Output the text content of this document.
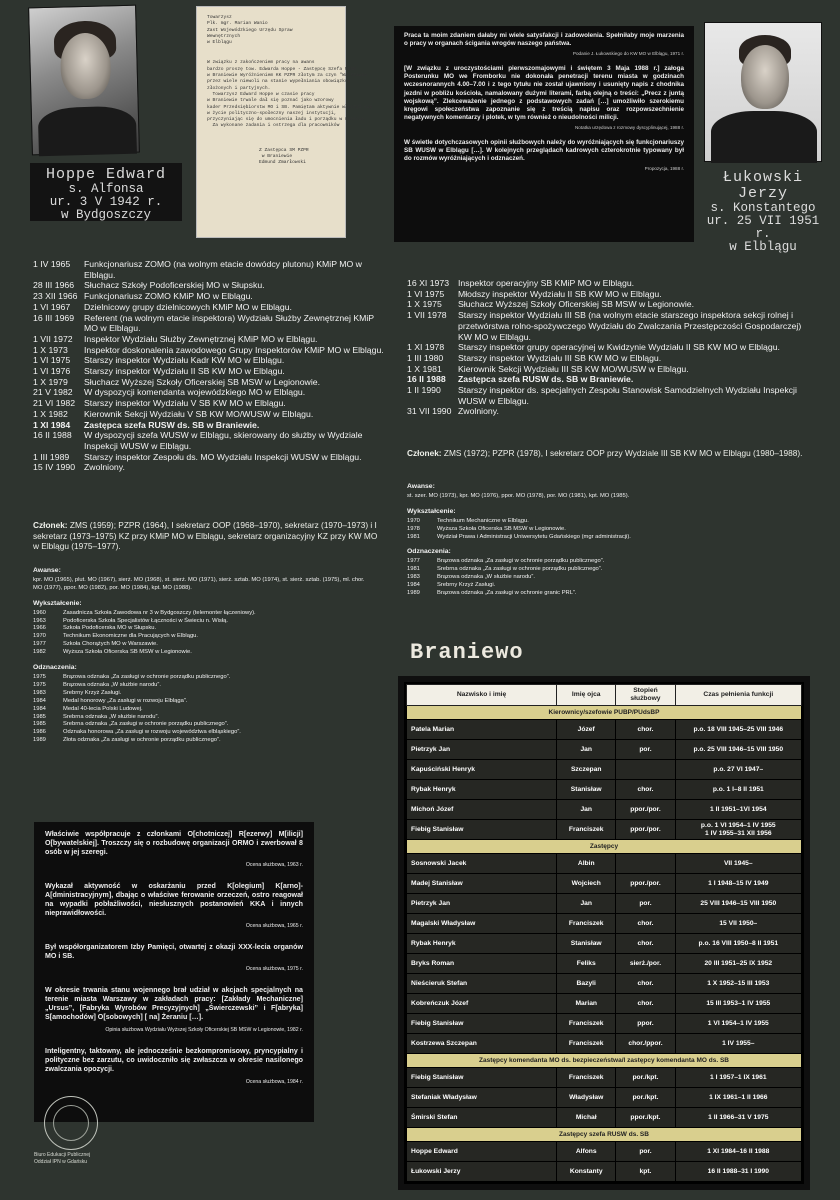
Towarzysz
Plk. mgr. Marian Wanio
Zast Wojewódzkiego Urzędu Spraw
Wewnętrznych
w Elblągu

W związku z zakończeniem pracy na awans
bardzo proszę tow. Edwarda Hoppe - Zastępcę Szefa RUSW
w Braniewie Wyróżnieniem KK PZPR złotym za czyn "Warszawie
przez wiele niewoli na stanie wypełniania obowiązków
złożonych i partyjnych.
Towarzysz Edward Hoppe w czasie pracy
w Braniewie trwale dał się poznać jako wzorowy
kader Przedsiębiorstw MO i SB. Pamiętam aktywnie włączył się
w życie polityczno-społeczny naszej instytucji,
przyczyniając się do umocnienia ładu i porządku w mieście.
Za wykonane zadania i ostrzega dla pracowników

Z Zastępca SM PZPR
w Braniewie
Edmund Zmarłowski

Hoppe Edward
s. Alfonsa
ur. 3 V 1942 r.
w Bydgoszczy

Praca ta moim zdaniem dałaby mi wiele satysfakcji i zadowolenia. Spełniłaby moje marzenia o pracy w organach ścigania wrogów naszego państwa.

Podanie J. Łukowskiego do KW MO w Elblągu, 1971 r.

[W związku z uroczystościami pierwszomajowymi i świętem 3 Maja 1988 r.] załoga Posterunku MO we Fromborku nie dokonała penetracji terenu miasta w godzinach wczesnorannych 4.00–7.00 i z tego tytułu nie został ujawniony i usunięty napis z chodnika jezdni w pobliżu kościoła, namalowany dużymi literami, farbą olejną o treści: „Precz z juntą wojskową”. Zlekceważenie jednego z podstawowych zadań […] umożliwiło szerokiemu kręgowi społeczeństwa zapoznanie się z treścią napisu oraz rozpowszechnienie negatywnych komentarzy i plotek, w tym również o nieudolności milicji.

Notatka urzędowa z rozmowy dyscyplinującej, 1988 r.

W świetle dotychczasowych opinii służbowych należy do wyróżniających się funkcjonariuszy SB WUSW w Elblągu […]. W kolejnych przeglądach kadrowych czterokrotnie typowany był do rozmów wyróżniających i odznaczeń.

Propozycja, 1988 r.
Łukowski Jerzy
s. Konstantego
ur. 25 VII 1951 r.
w Elblągu
1 IV 1965	Funkcjonariusz ZOMO (na wolnym etacie dowódcy plutonu) KMiP MO w Elblągu.
28 III 1966	Słuchacz Szkoły Podoficerskiej MO w Słupsku.
23 XII 1966 Funkcjonariusz ZOMO KMiP MO w Elblągu.
1 VI 1967	Dzielnicowy grupy dzielnicowych KMiP MO w Elblągu.
16 III 1969	Referent (na wolnym etacie inspektora) Wydziału Służby Zewnętrznej KMiP MO w Elblągu.
1 VII 1972	Inspektor Wydziału Służby Zewnętrznej KMiP MO w Elblągu.
1 X 1973	Inspektor doskonalenia zawodowego Grupy Inspektorów KMiP MO w Elblągu.
1 VI 1975	Starszy inspektor Wydziału Kadr KW MO w Elblągu.
1 VI 1976	Starszy inspektor Wydziału II SB KW MO w Elblągu.
1 X 1979	Słuchacz Wyższej Szkoły Oficerskiej SB MSW w Legionowie.
21 V 1982	W dyspozycji komendanta wojewódzkiego MO w Elblągu.
21 VI 1982	Starszy inspektor Wydziału V SB KW MO w Elblągu.
1 X 1982	Kierownik Sekcji Wydziału V SB KW MO/WUSW w Elblągu.
1 XI 1984	Zastępca szefa RUSW ds. SB w Braniewie.
16 II 1988	W dyspozycji szefa WUSW w Elblągu, skierowany do służby w Wydziale Inspekcji WUSW w Elblągu.
1 III 1989	Starszy inspektor Zespołu ds. MO Wydziału Inspekcji WUSW w Elblągu.
15 IV 1990	Zwolniony.
Członek: ZMS (1959); PZPR (1964), I sekretarz OOP (1968–1970), sekretarz (1970–1973) i I sekretarz (1973–1975) KZ przy KMiP MO w Elblągu, sekretarz organizacyjny KZ przy KW MO w Elblągu (1975–1977).
Awanse:
kpr. MO (1965), plut. MO (1967), sierż. MO (1968), st. sierż. MO (1971), sierż. sztab. MO (1974), st. sierż. sztab. (1975), ml. chor. MO (1977), ppor. MO (1982), por. MO (1984), kpt. MO (1988).
Wykształcenie:
1960	Zasadnicza Szkoła Zawodowa nr 3 w Bydgoszczy (telemonter łączeniowy).
1963	Podoficerska Szkoła Specjalistów Łączności w Świeciu n. Wisłą.
1966	Szkoła Podoficerska MO w Słupsku.
1970	Technikum Ekonomiczne dla Pracujących w Elblągu.
1977	Szkoła Chorążych MO w Warszawie.
1982	Wyższa Szkoła Oficerska SB MSW w Legionowie.
Odznaczenia:
1975	Brązowa odznaka „Za zasługi w ochronie porządku publicznego”.
1975	Brązowa odznaka „W służbie narodu”.
1983	Srebrny Krzyż Zasługi.
1984	Medal honorowy „Za zasługi w rozwoju Elbląga”.
1984	Medal 40-lecia Polski Ludowej.
1985	Srebrna odznaka „W służbie narodu”.
1985	Srebrna odznaka „Za zasługi w ochronie porządku publicznego”.
1986	Odznaka honorowa „Za zasługi w rozwoju województwa elbląskiego”.
1989	Złota odznaka „Za zasługi w ochronie porządku publicznego”.
Właściwie współpracuje z członkami O[chotniczej] R[ezerwy] M[ilicji] O[bywatelskiej]. Troszczy się o rozbudowę organizacji ORMO i zwerbował 8 osób w jej szeregi.
Ocena służbowa, 1963 r.
Wykazał aktywność w oskarżaniu przed K[olegium] K[arno]-A[dministracyjnym], dbając o właściwe ferowanie orzeczeń, ostro reagował na wypadki pobłażliwości, niesłusznych postanowień KKA i innych nieprawidłowości.
Ocena służbowa, 1965 r.
Był współorganizatorem Izby Pamięci, otwartej z okazji XXX-lecia organów MO i SB.
Ocena służbowa, 1975 r.
W okresie trwania stanu wojennego brał udział w akcjach specjalnych na terenie miasta Warszawy w zakładach pracy: [Zakłady Mechaniczne] „Ursus”, [Fabryka Wyrobów Precyzyjnych] „Świerczewski” i F[abryka] S[amochodów] O[sobowych] [ na] Żeraniu […].
Opinia służbowa Wydziału Wyższej Szkoły Oficerskiej SB MSW w Legionowie, 1982 r.
Inteligentny, taktowny, ale jednocześnie bezkompromisowy, pryncypialny i polityczne bez zarzutu, co uwidoczniło się zwłaszcza w okresie nasilonego zwalczania opozycji.
Ocena służbowa, 1984 r.
16 XI 1973	Inspektor operacyjny SB KMiP MO w Elblągu.
1 VI 1975	Młodszy inspektor Wydziału II SB KW MO w Elblągu.
1 X 1975	Słuchacz Wyższej Szkoły Oficerskiej SB MSW w Legionowie.
1 VII 1978	Starszy inspektor Wydziału III SB (na wolnym etacie starszego inspektora sekcji rolnej i przetwórstwa rolno-spożywczego Wydziału do Zwalczania Przestępczości Gospodarczej) KW MO w Elblągu.
1 XI 1978	Starszy inspektor grupy operacyjnej w Kwidzynie Wydziału II SB KW MO w Elblągu.
1 III 1980	Starszy inspektor Wydziału III SB KW MO w Elblągu.
1 X 1981	Kierownik Sekcji Wydziału III SB KW MO/WUSW w Elblągu.
16 II 1988	Zastępca szefa RUSW ds. SB w Braniewie.
1 II 1990	Starszy inspektor ds. specjalnych Zespołu Stanowisk Samodzielnych Wydziału Inspekcji WUSW w Elblągu.
31 VII 1990 Zwolniony.
Członek: ZMS (1972); PZPR (1978), I sekretarz OOP przy Wydziale III SB KW MO w Elblągu (1980–1988).
Awanse:
st. szer. MO (1973), kpr. MO (1976), ppor. MO (1978), por. MO (1981), kpt. MO (1985).
Wykształcenie:
1970	Technikum Mechaniczne w Elblągu.
1978	Wyższa Szkoła Oficerska SB MSW w Legionowie.
1981	Wydział Prawa i Administracji Uniwersytetu Gdańskiego (mgr administracji).
Odznaczenia:
1977	Brązowa odznaka „Za zasługi w ochronie porządku publicznego”.
1981	Srebrna odznaka „Za zasługi w ochronie porządku publicznego”.
1983	Brązowa odznaka „W służbie narodu”.
1984	Srebrny Krzyż Zasługi.
1989	Brązowa odznaka „Za zasługi w ochronie granic PRL”.
Braniewo
Nazwisko i imię	Imię ojca	Stopień służbowy	Czas pełnienia funkcji
Kierownicy/szefowie PUBP/PUdsBP			
Patela Marian	Józef	chor.	p.o. 18 VIII 1945–25 VIII 1946
Pietrzyk Jan	Jan	por.	p.o. 25 VIII 1946–15 VIII 1950
Kapuściński Henryk	Szczepan		p.o. 27 VI 1947–
Rybak Henryk	Stanisław	chor.	p.o. 1 I–8 II 1951
Michoń Józef	Jan	ppor./por.	1 II 1951–1VI 1954
Fiebig Stanisław	Franciszek	ppor./por.	p.o. 1 VI 1954–1 IV 1955
1 IV 1955–31 XII 1956
Zastępcy			
Sosnowski Jacek	Albin		VII 1945–
Madej Stanisław	Wojciech	ppor./por.	1 I 1948–15 IV 1949
Pietrzyk Jan	Jan	por.	25 VIII 1946–15 VIII 1950
Magalski Władysław	Franciszek	chor.	15 VII 1950–
Rybak Henryk	Stanisław	chor.	p.o. 16 VIII 1950–8 II 1951
Bryks Roman	Feliks	sierż./por.	20 III 1951–25 IX 1952
Nieścieruk Stefan	Bazyli	chor.	1 X 1952–15 III 1953
Kobreńczuk Józef	Marian	chor.	15 III 1953–1 IV 1955
Fiebig Stanisław	Franciszek	ppor.	1 VI 1954–1 IV 1955
Kostrzewa Szczepan	Franciszek	chor./ppor.	1 IV 1955–
Zastępcy komendanta MO ds. bezpieczeństwa/l zastępcy komendanta MO ds. SB			
Fiebig Stanisław	Franciszek	por./kpt.	1 I 1957–1 IX 1961
Stefaniak Władysław	Władysław	por./kpt.	1 IX 1961–1 II 1966
Śmirski Stefan	Michał	ppor./kpt.	1 II 1966–31 V 1975
Zastępcy szefa RUSW ds. SB			
Hoppe Edward	Alfons	por.	1 XI 1984–16 II 1988
Łukowski Jerzy	Konstanty	kpt.	16 II 1988–31 I 1990
Biuro Edukacji Publicznej
Oddział IPN w Gdańsku
